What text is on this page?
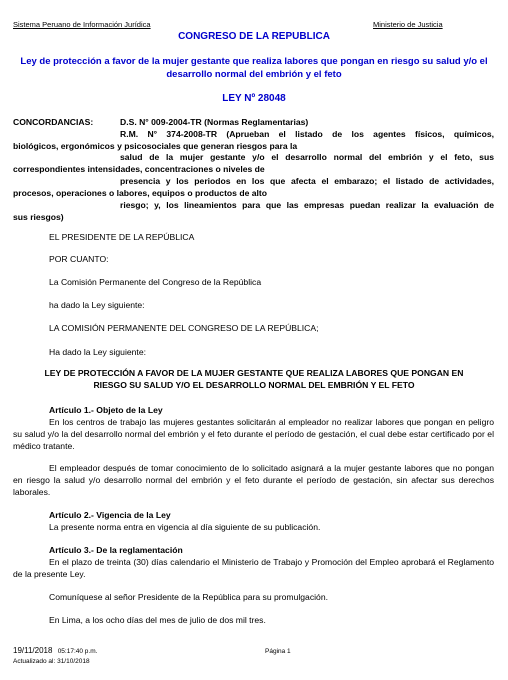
Sistema Peruano de Información Jurídica	Ministerio de Justicia
CONGRESO DE LA REPUBLICA
Ley de protección a favor de la mujer gestante que realiza labores que pongan en riesgo su salud y/o el desarrollo normal del embrión y el feto
LEY Nº 28048
CONCORDANCIAS:	D.S. N° 009-2004-TR (Normas Reglamentarias)
R.M. N° 374-2008-TR (Aprueban el listado de los agentes físicos, químicos,
biológicos, ergonómicos y psicosociales que generan riesgos para la
salud de la mujer gestante y/o el desarrollo normal del embrión y el feto, sus
correspondientes intensidades, concentraciones o niveles de
presencia y los periodos en los que afecta el embarazo; el listado de actividades,
procesos, operaciones o labores, equipos o productos de alto
riesgo; y, los lineamientos para que las empresas puedan realizar la evaluación de
sus riesgos)
EL PRESIDENTE DE LA REPÚBLICA
POR CUANTO:
La Comisión Permanente del Congreso de la República
ha dado la Ley siguiente:
LA COMISIÓN PERMANENTE DEL CONGRESO DE LA REPÚBLICA;
Ha dado la Ley siguiente:
LEY DE PROTECCIÓN A FAVOR DE LA MUJER GESTANTE QUE REALIZA LABORES QUE PONGAN EN RIESGO SU SALUD Y/O EL DESARROLLO NORMAL DEL EMBRIÓN Y EL FETO
Artículo 1.- Objeto de la Ley
En los centros de trabajo las mujeres gestantes solicitarán al empleador no realizar labores que pongan en peligro su salud y/o la del desarrollo normal del embrión y el feto durante el período de gestación, el cual debe estar certificado por el médico tratante.
El empleador después de tomar conocimiento de lo solicitado asignará a la mujer gestante labores que no pongan en riesgo la salud y/o desarrollo normal del embrión y el feto durante el período de gestación, sin afectar sus derechos laborales.
Artículo 2.- Vigencia de la Ley
La presente norma entra en vigencia al día siguiente de su publicación.
Artículo 3.- De la reglamentación
En el plazo de treinta (30) días calendario el Ministerio de Trabajo y Promoción del Empleo aprobará el Reglamento de la presente Ley.
Comuníquese al señor Presidente de la República para su promulgación.
En Lima, a los ocho días del mes de julio de dos mil tres.
19/11/2018 05:17:40 p.m.	Página 1
Actualizado al: 31/10/2018
